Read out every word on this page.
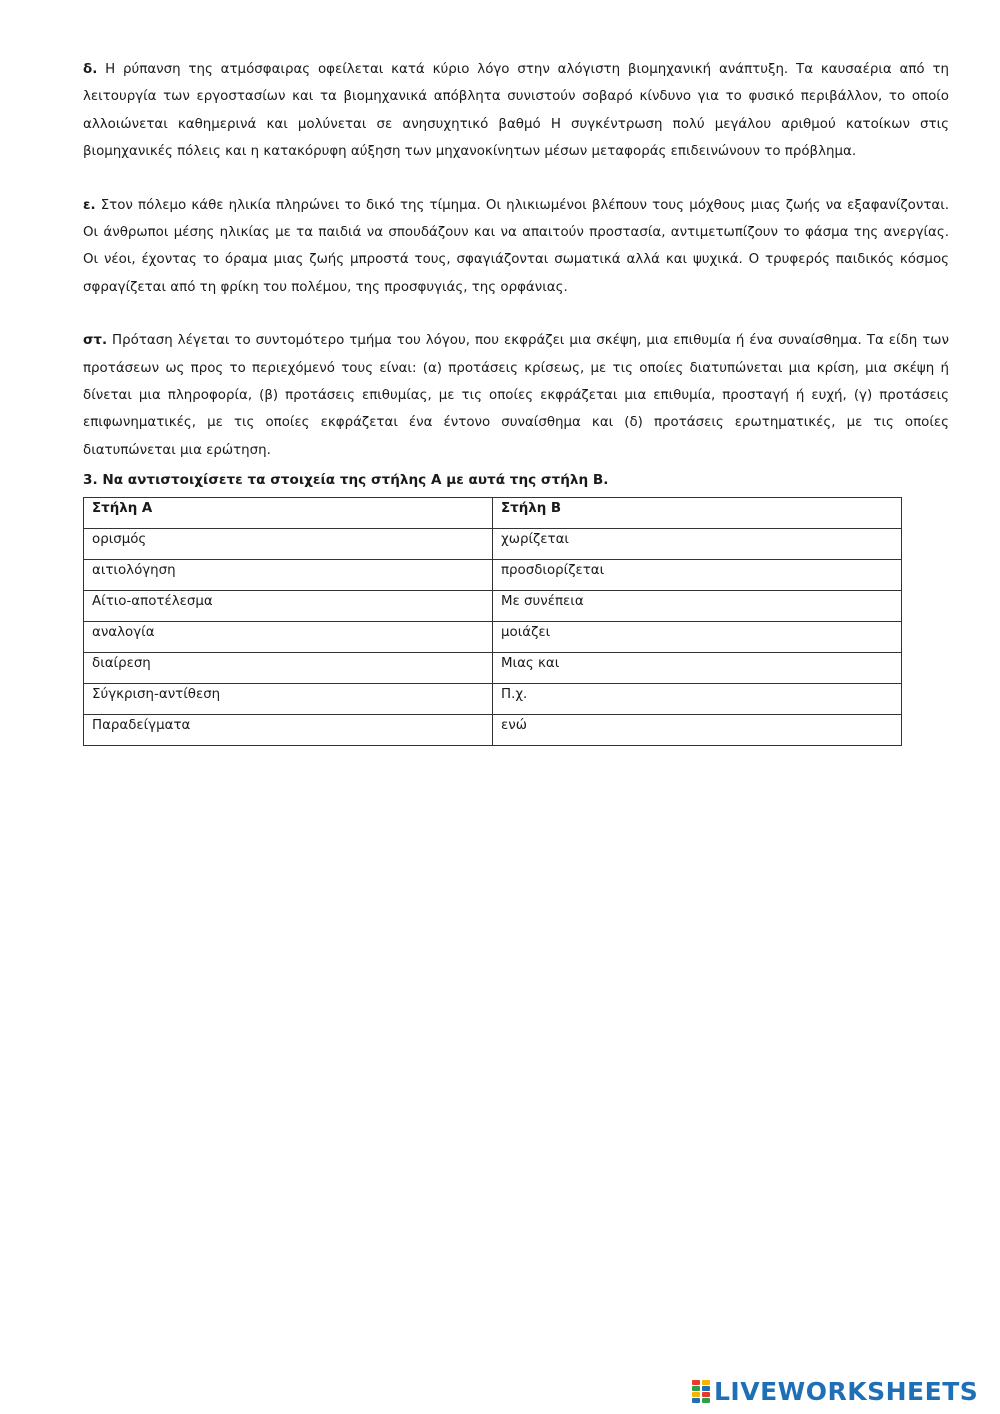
δ. Η ρύπανση της ατμόσφαιρας οφείλεται κατά κύριο λόγο στην αλόγιστη βιομηχανική ανάπτυξη. Τα καυσαέρια από τη λειτουργία των εργοστασίων και τα βιομηχανικά απόβλητα συνιστούν σοβαρό κίνδυνο για το φυσικό περιβάλλον, το οποίο αλλοιώνεται καθημερινά και μολύνεται σε ανησυχητικό βαθμό Η συγκέντρωση πολύ μεγάλου αριθμού κατοίκων στις βιομηχανικές πόλεις και η κατακόρυφη αύξηση των μηχανοκίνητων μέσων μεταφοράς επιδεινώνουν το πρόβλημα.

ε. Στον πόλεμο κάθε ηλικία πληρώνει το δικό της τίμημα. Οι ηλικιωμένοι βλέπουν τους μόχθους μιας ζωής να εξαφανίζονται. Οι άνθρωποι μέσης ηλικίας με τα παιδιά να σπουδάζουν και να απαιτούν προστασία, αντιμετωπίζουν το φάσμα της ανεργίας. Οι νέοι, έχοντας το όραμα μιας ζωής μπροστά τους, σφαγιάζονται σωματικά αλλά και ψυχικά. Ο τρυφερός παιδικός κόσμος σφραγίζεται από τη φρίκη του πολέμου, της προσφυγιάς, της ορφάνιας.

στ. Πρόταση λέγεται το συντομότερο τμήμα του λόγου, που εκφράζει μια σκέψη, μια επιθυμία ή ένα συναίσθημα. Τα είδη των προτάσεων ως προς το περιεχόμενό τους είναι: (α) προτάσεις κρίσεως, με τις οποίες διατυπώνεται μια κρίση, μια σκέψη ή δίνεται μια πληροφορία, (β) προτάσεις επιθυμίας, με τις οποίες εκφράζεται μια επιθυμία, προσταγή ή ευχή, (γ) προτάσεις επιφωνηματικές, με τις οποίες εκφράζεται ένα έντονο συναίσθημα και (δ) προτάσεις ερωτηματικές, με τις οποίες διατυπώνεται μια ερώτηση.

3. Να αντιστοιχίσετε τα στοιχεία της στήλης Α με αυτά της στήλη Β.
Στήλη Α	Στήλη Β
ορισμός	χωρίζεται
αιτιολόγηση	προσδιορίζεται
Αίτιο-αποτέλεσμα	Με συνέπεια
αναλογία	μοιάζει
διαίρεση	Μιας και
Σύγκριση-αντίθεση	Π.χ.
Παραδείγματα	ενώ
LIVEWORKSHEETS
